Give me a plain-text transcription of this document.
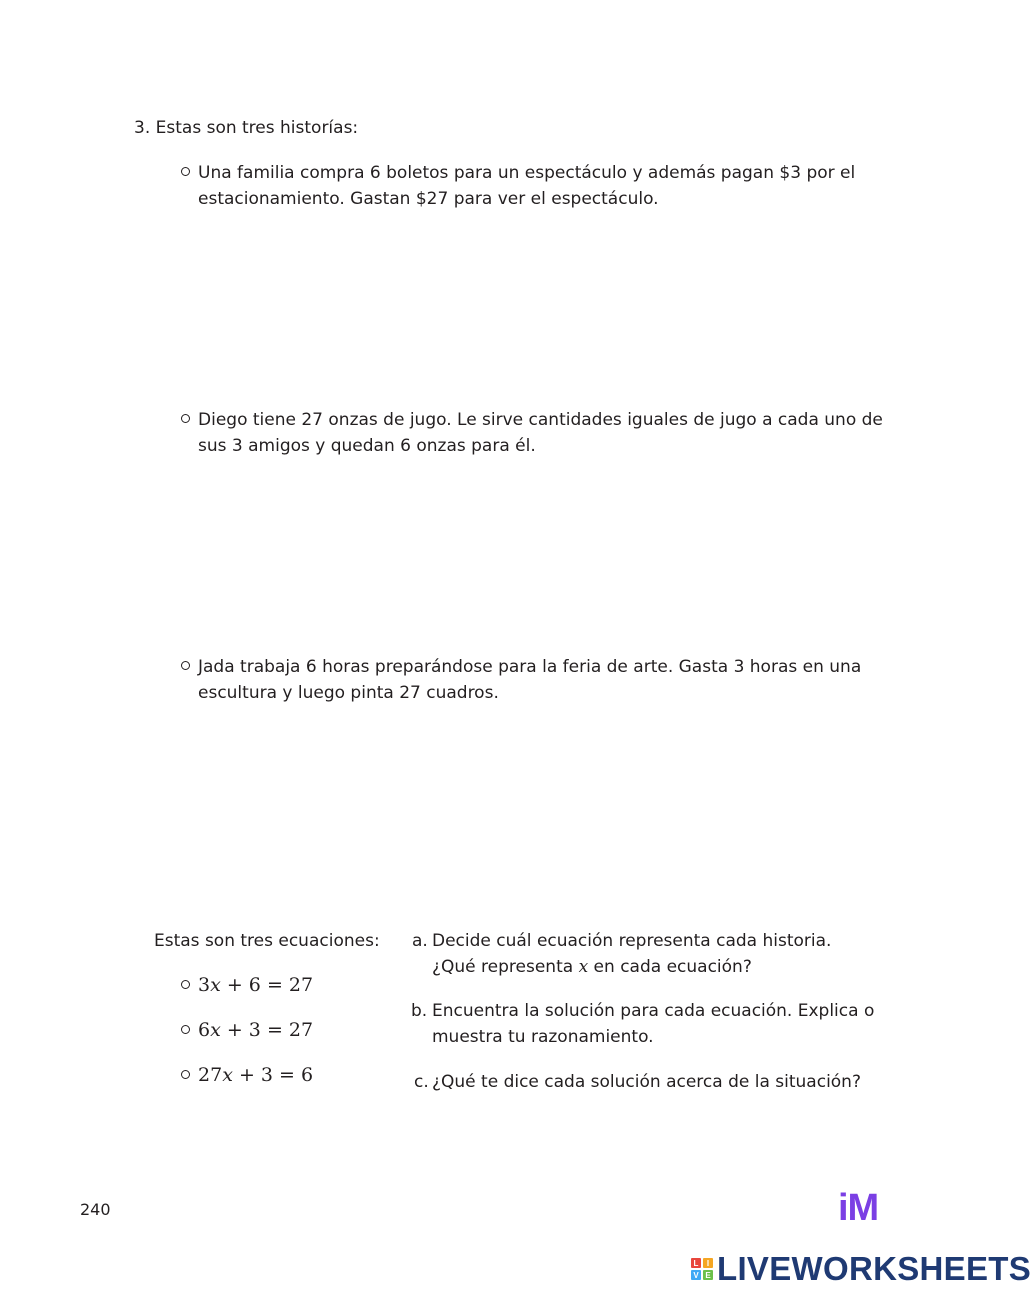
3. Estas son tres historías:
Una familia compra 6 boletos para un espectáculo y además pagan $3 por el
estacionamiento. Gastan $27 para ver el espectáculo.
Diego tiene 27 onzas de jugo. Le sirve cantidades iguales de jugo a cada uno de
sus 3 amigos y quedan 6 onzas para él.
Jada trabaja 6 horas preparándose para la feria de arte. Gasta 3 horas en una
escultura y luego pinta 27 cuadros.
Estas son tres ecuaciones:
3x + 6 = 27
6x + 3 = 27
27x + 3 = 6
a. Decide cuál ecuación representa cada historia.
¿Qué representa x en cada ecuación?
b. Encuentra la solución para cada ecuación. Explica o
muestra tu razonamiento.
c. ¿Qué te dice cada solución acerca de la situación?
240	iM
L	I
V E LIVEWORKSHEETS
